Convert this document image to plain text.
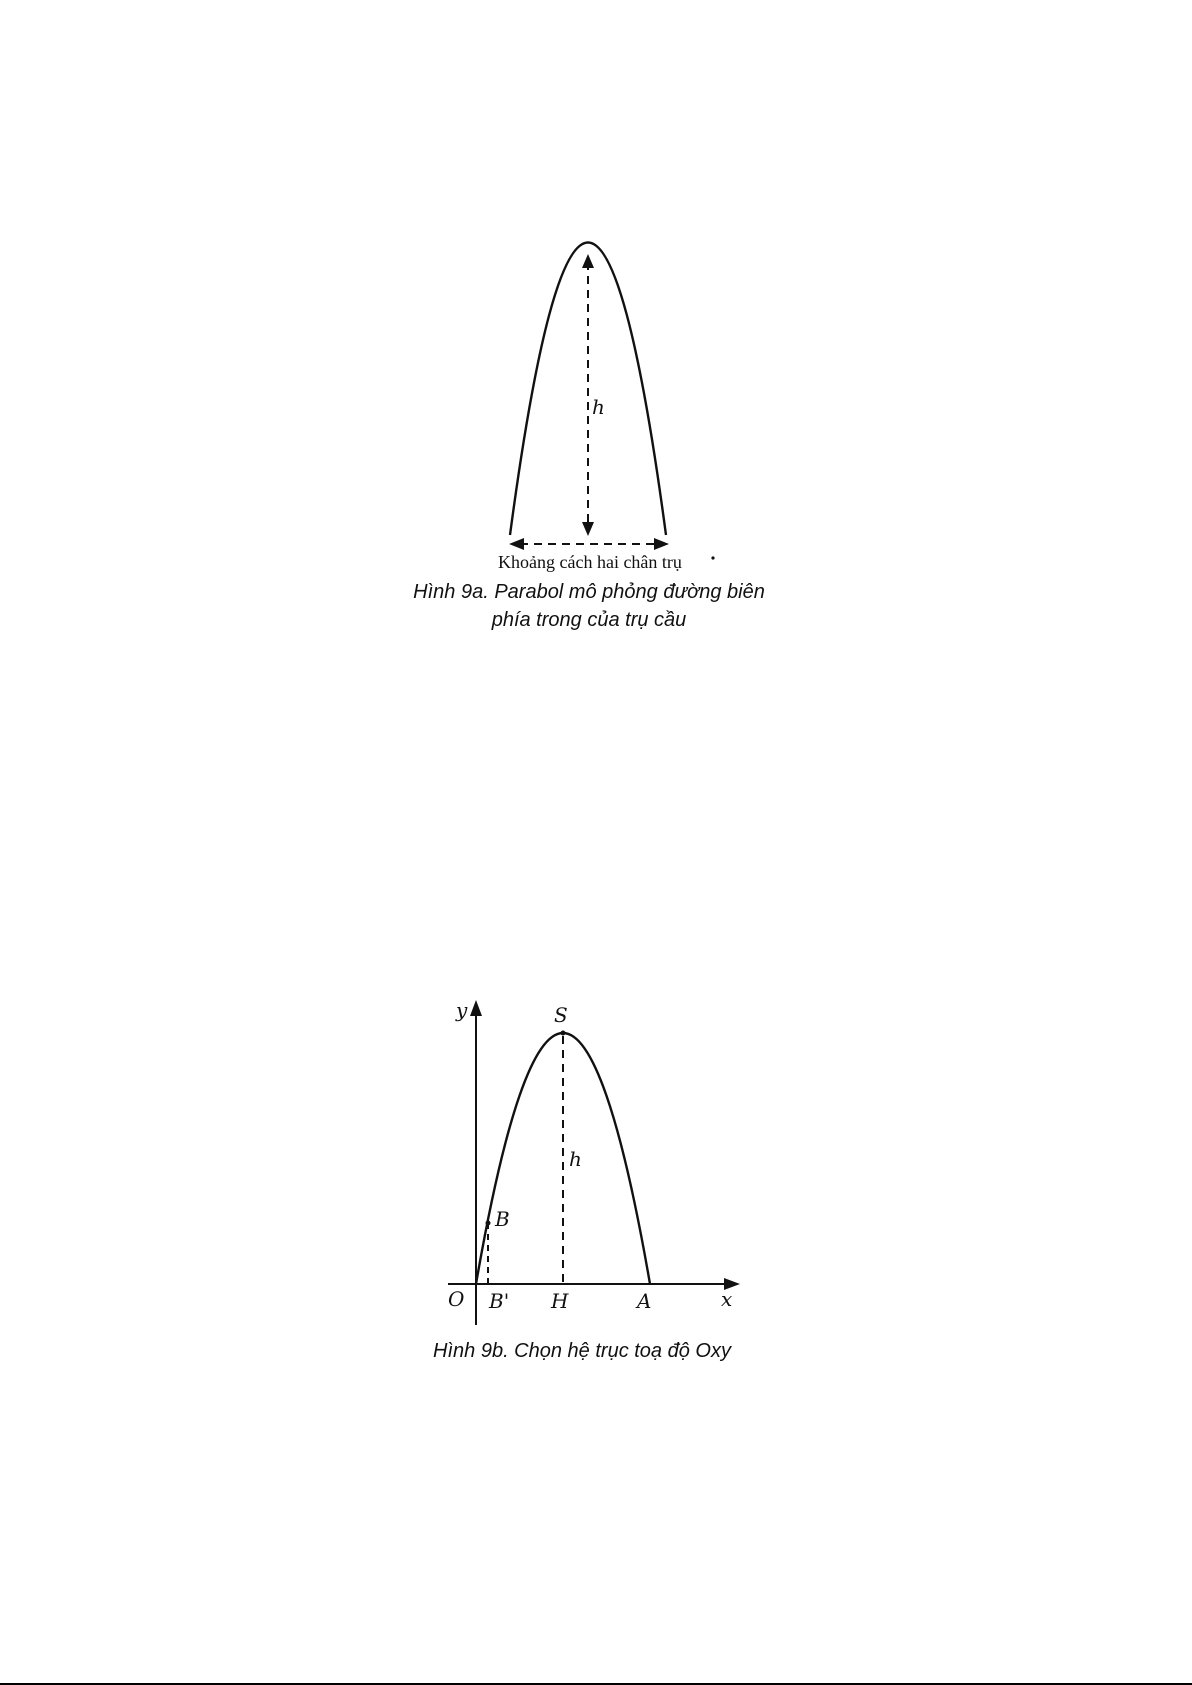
h
Khoảng cách hai chân trụ
Hình 9a. Parabol mô phỏng đường biên
phía trong của trụ cầu
y	S
h
B
O B' H	A	x
Hình 9b. Chọn hệ trục toạ độ Oxy
